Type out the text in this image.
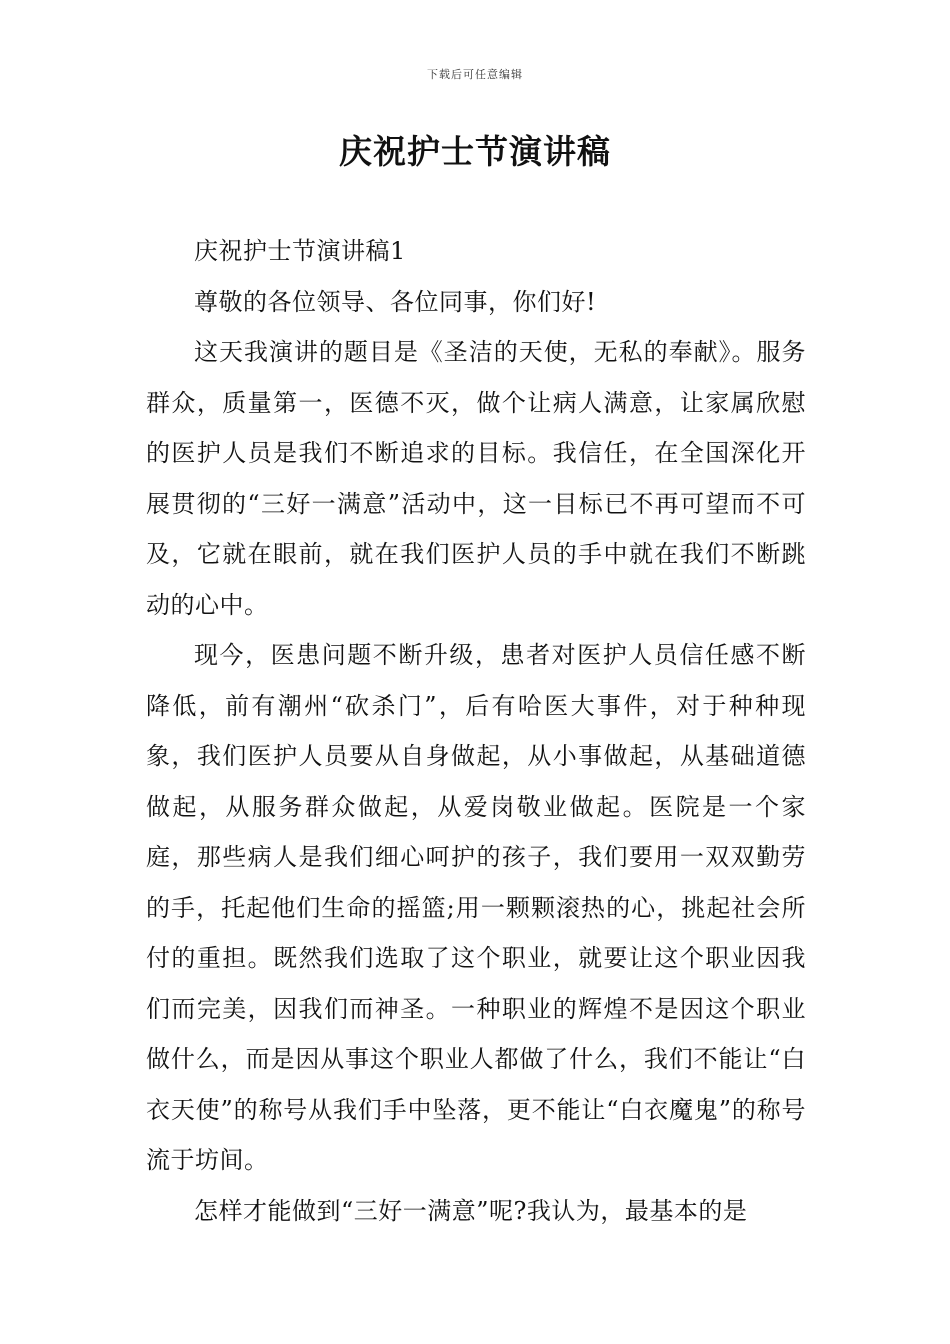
下载后可任意编辑
庆祝护士节演讲稿

庆祝护士节演讲稿1

尊敬的各位领导、各位同事，你们好!

这天我演讲的题目是《圣洁的天使，无私的奉献》。服务群众，质量第一，医德不灭，做个让病人满意，让家属欣慰的医护人员是我们不断追求的目标。我信任，在全国深化开展贯彻的“三好一满意”活动中，这一目标已不再可望而不可及，它就在眼前，就在我们医护人员的手中就在我们不断跳动的心中。

现今，医患问题不断升级，患者对医护人员信任感不断降低，前有潮州“砍杀门”，后有哈医大事件，对于种种现象，我们医护人员要从自身做起，从小事做起，从基础道德做起，从服务群众做起，从爱岗敬业做起。医院是一个家庭，那些病人是我们细心呵护的孩子，我们要用一双双勤劳的手，托起他们生命的摇篮;用一颗颗滚热的心，挑起社会所付的重担。既然我们选取了这个职业，就要让这个职业因我们而完美，因我们而神圣。一种职业的辉煌不是因这个职业做什么，而是因从事这个职业人都做了什么，我们不能让“白衣天使”的称号从我们手中坠落，更不能让“白衣魔鬼”的称号流于坊间。

怎样才能做到“三好一满意”呢?我认为，最基本的是
